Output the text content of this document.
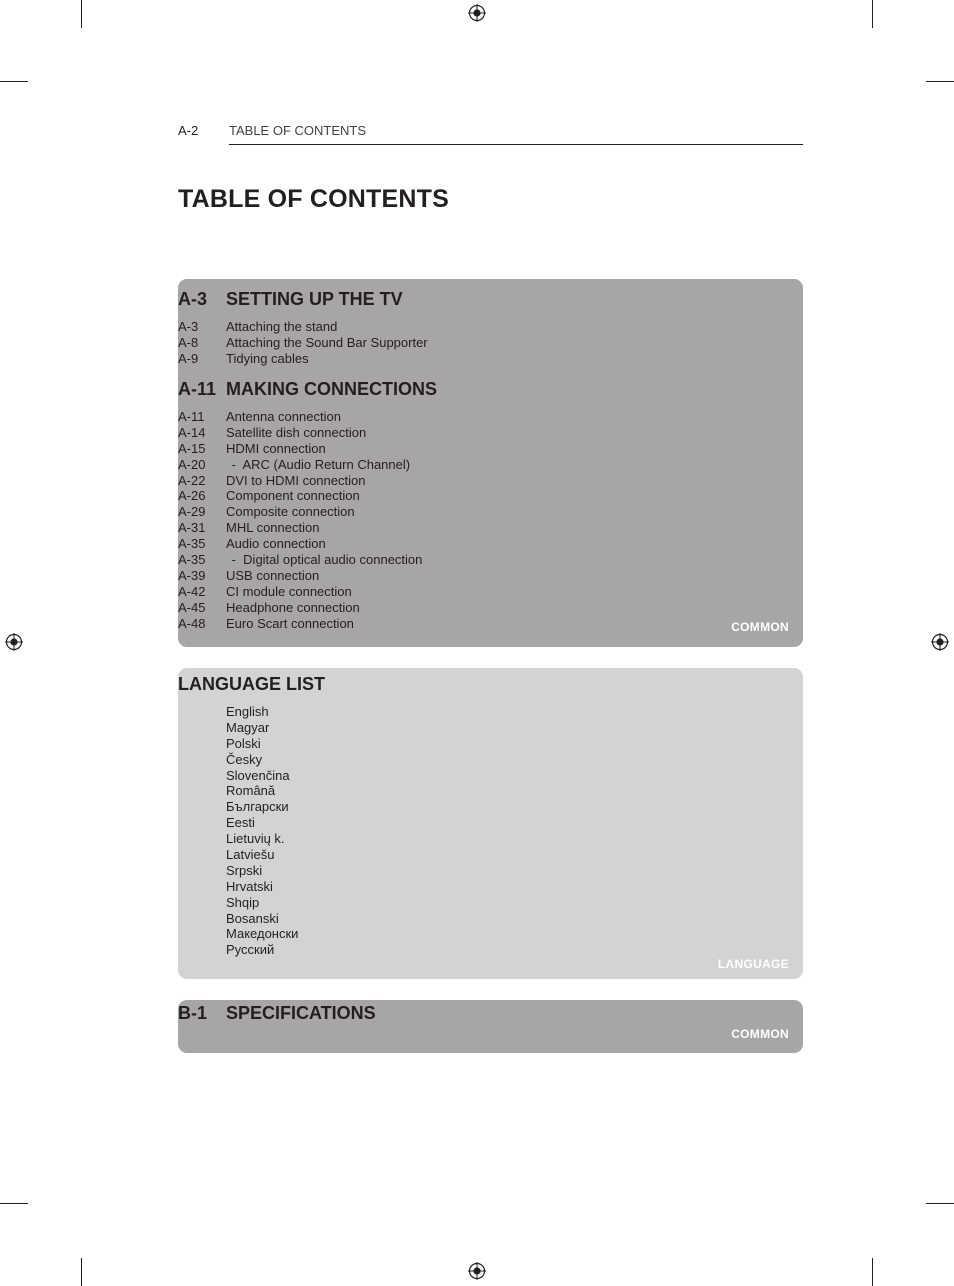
A-2 TABLE OF CONTENTS
TABLE OF CONTENTS
A-3 SETTING UP THE TV
A-3 Attaching the stand
A-8 Attaching the Sound Bar Supporter
A-9 Tidying cables
A-11 MAKING CONNECTIONS
A-11 Antenna connection
A-14 Satellite dish connection
A-15 HDMI connection
A-20 -  ARC (Audio Return Channel)
A-22 DVI to HDMI connection
A-26 Component connection
A-29 Composite connection
A-31 MHL connection
A-35 Audio connection
A-35 -  Digital optical audio connection
A-39 USB connection
A-42 CI module connection
A-45 Headphone connection
A-48 Euro Scart connection	COMMON
LANGUAGE LIST
English
Magyar
Polski
Česky
Slovenčina
Română
Български
Eesti
Lietuvių k.
Latviešu
Srpski
Hrvatski
Shqip
Bosanski
Македонски
Русский
LANGUAGE
B-1 SPECIFICATIONS
COMMON
